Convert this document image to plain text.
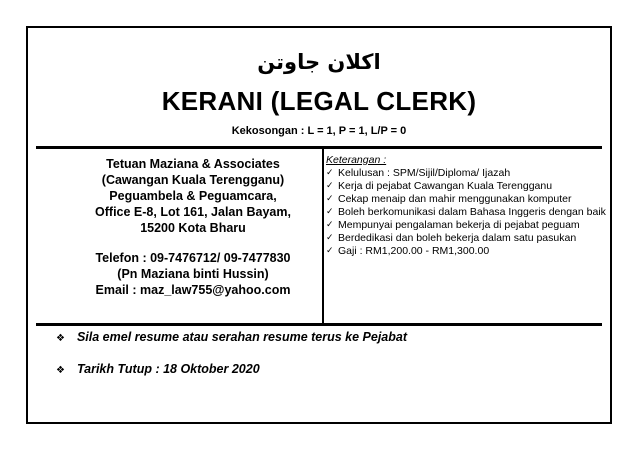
اكلان جاوتن
KERANI (LEGAL CLERK)
Kekosongan : L = 1, P = 1, L/P = 0
Tetuan Maziana & Associates
(Cawangan Kuala Terengganu)
Peguambela & Peguamcara,
Office E-8, Lot 161, Jalan Bayam,
15200 Kota Bharu
Telefon : 09-7476712/ 09-7477830
(Pn Maziana binti Hussin)
Email : maz_law755@yahoo.com
Keterangan :
✓ Kelulusan : SPM/Sijil/Diploma/ Ijazah
✓ Kerja di pejabat Cawangan Kuala Terengganu
✓ Cekap menaip dan mahir menggunakan komputer
✓ Boleh berkomunikasi dalam Bahasa Inggeris dengan baik
✓ Mempunyai pengalaman bekerja di pejabat peguam
✓ Berdedikasi dan boleh bekerja dalam satu pasukan
✓ Gaji : RM1,200.00 - RM1,300.00
❖ Sila emel resume atau serahan resume terus ke Pejabat
❖ Tarikh Tutup : 18 Oktober 2020
